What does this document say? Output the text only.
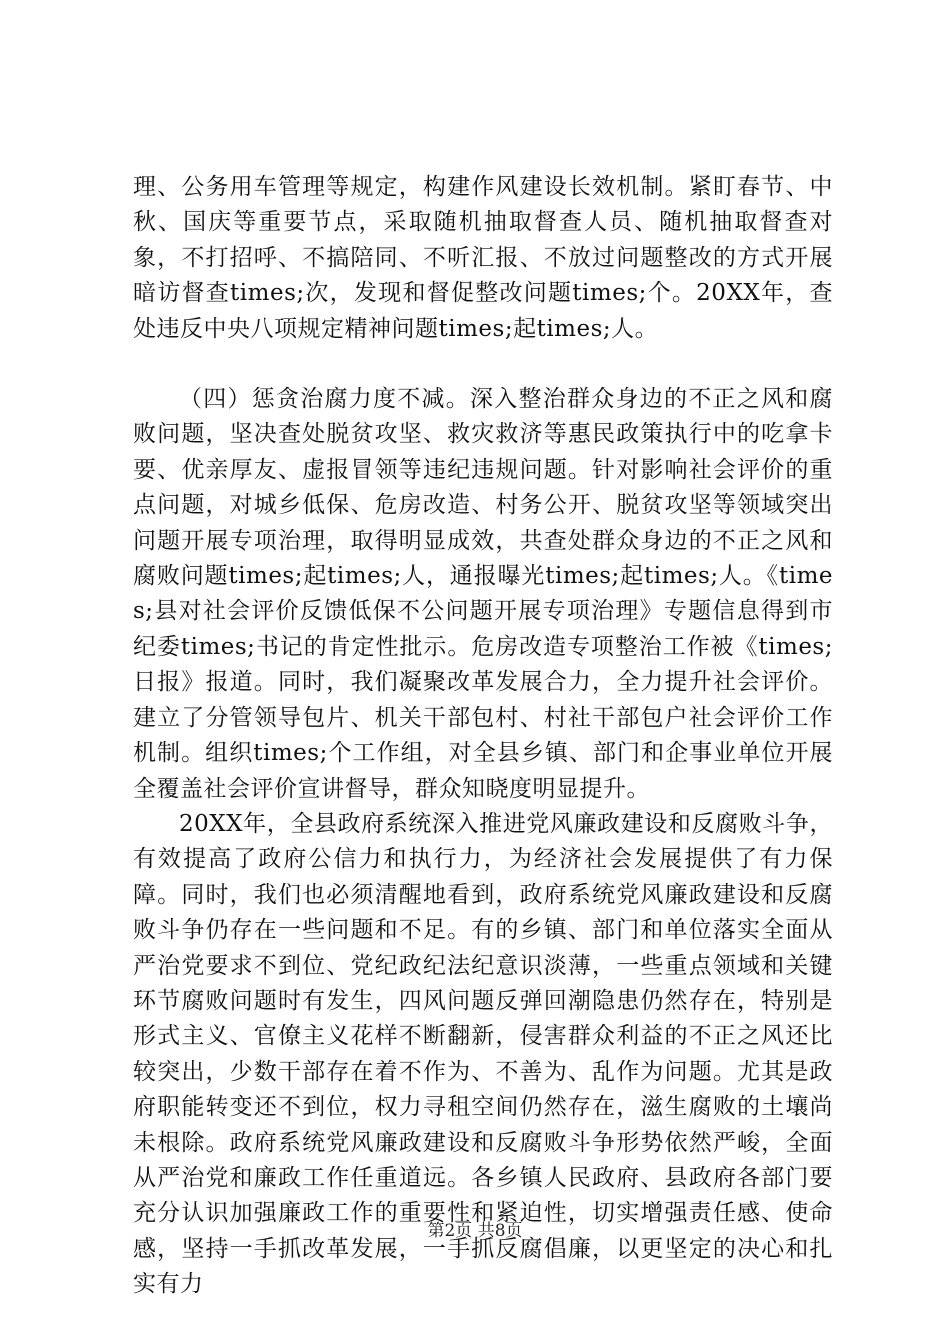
理、公务用车管理等规定，构建作风建设长效机制。紧盯春节、中秋、国庆等重要节点，采取随机抽取督查人员、随机抽取督查对象，不打招呼、不搞陪同、不听汇报、不放过问题整改的方式开展暗访督查times;次，发现和督促整改问题times;个。20XX年，查处违反中央八项规定精神问题times;起times;人。

（四）惩贪治腐力度不减。深入整治群众身边的不正之风和腐败问题，坚决查处脱贫攻坚、救灾救济等惠民政策执行中的吃拿卡要、优亲厚友、虚报冒领等违纪违规问题。针对影响社会评价的重点问题，对城乡低保、危房改造、村务公开、脱贫攻坚等领域突出问题开展专项治理，取得明显成效，共查处群众身边的不正之风和腐败问题times;起times;人，通报曝光times;起times;人。《times;县对社会评价反馈低保不公问题开展专项治理》专题信息得到市纪委times;书记的肯定性批示。危房改造专项整治工作被《times;日报》报道。同时，我们凝聚改革发展合力，全力提升社会评价。建立了分管领导包片、机关干部包村、村社干部包户社会评价工作机制。组织times;个工作组，对全县乡镇、部门和企事业单位开展全覆盖社会评价宣讲督导，群众知晓度明显提升。

20XX年，全县政府系统深入推进党风廉政建设和反腐败斗争，有效提高了政府公信力和执行力，为经济社会发展提供了有力保障。同时，我们也必须清醒地看到，政府系统党风廉政建设和反腐败斗争仍存在一些问题和不足。有的乡镇、部门和单位落实全面从严治党要求不到位、党纪政纪法纪意识淡薄，一些重点领域和关键环节腐败问题时有发生，四风问题反弹回潮隐患仍然存在，特别是形式主义、官僚主义花样不断翻新，侵害群众利益的不正之风还比较突出，少数干部存在着不作为、不善为、乱作为问题。尤其是政府职能转变还不到位，权力寻租空间仍然存在，滋生腐败的土壤尚未根除。政府系统党风廉政建设和反腐败斗争形势依然严峻，全面从严治党和廉政工作任重道远。各乡镇人民政府、县政府各部门要充分认识加强廉政工作的重要性和紧迫性，切实增强责任感、使命感，坚持一手抓改革发展，一手抓反腐倡廉，以更坚定的决心和扎实有力

第2页 共8页
